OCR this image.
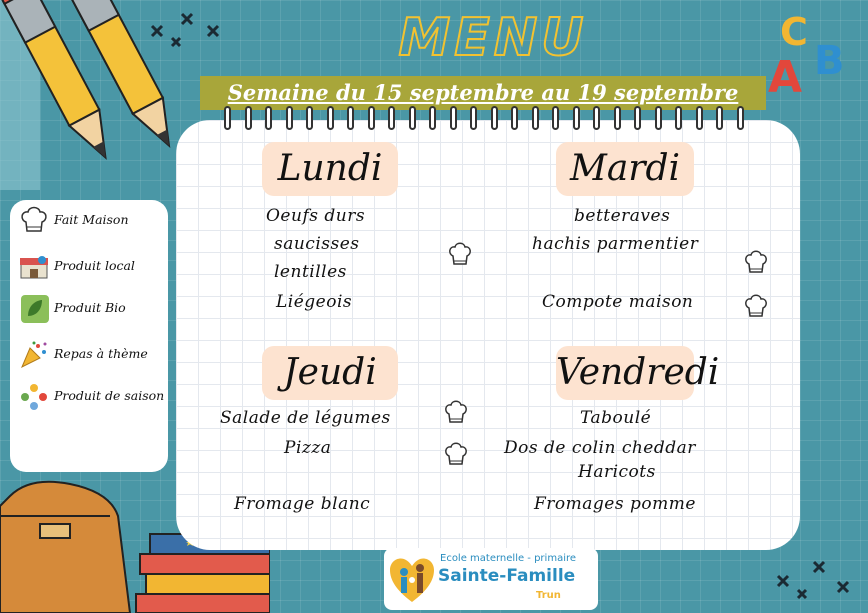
C
A B
MENU
Semaine du 15 septembre au 19 septembre
Lundi	Mardi
Jeudi	Vendredi
Oeufs durs
saucisses
lentilles
Liégeois
betteraves
hachis parmentier
Compote maison
Salade de légumes
Pizza
Fromage blanc
Taboulé
Dos de colin cheddar
Haricots
Fromages pomme
Fait Maison
Produit local
Produit Bio
Repas à thème
Produit de saison
Ecole maternelle - primaire
Sainte-Famille
Trun
